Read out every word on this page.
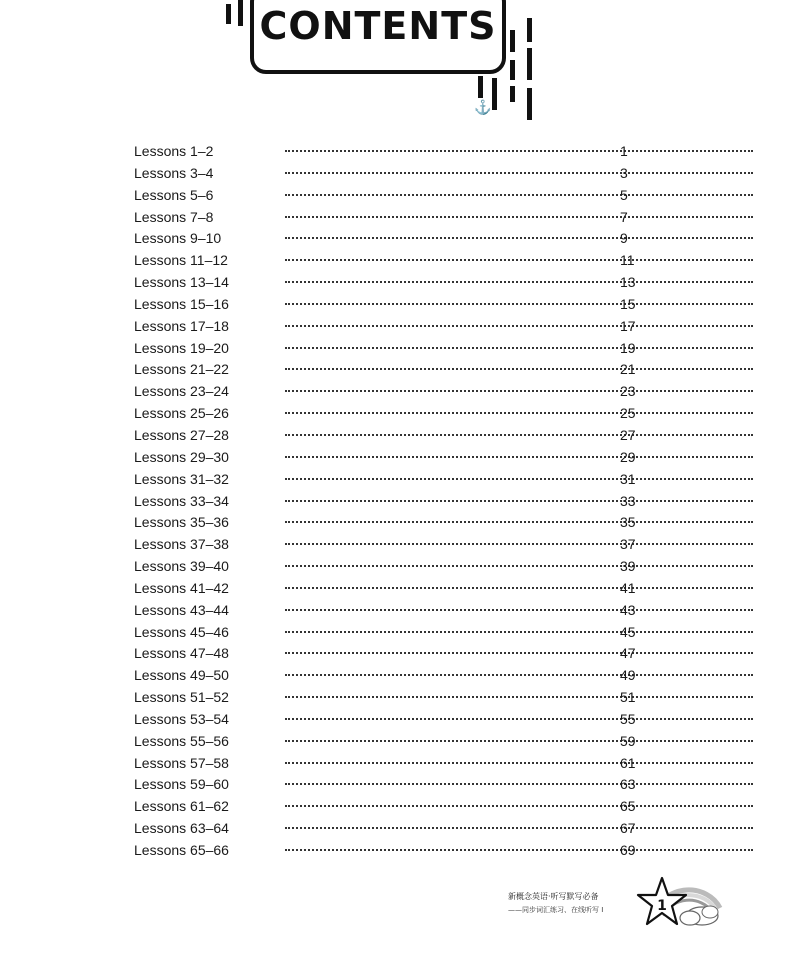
CONTENTS
⚓
Lessons 1–2	1
Lessons 3–4	3
Lessons 5–6	5
Lessons 7–8	7
Lessons 9–10	9
Lessons 11–12	11
Lessons 13–14	13
Lessons 15–16	15
Lessons 17–18	17
Lessons 19–20	19
Lessons 21–22	21
Lessons 23–24	23
Lessons 25–26	25
Lessons 27–28	27
Lessons 29–30	29
Lessons 31–32	31
Lessons 33–34	33
Lessons 35–36	35
Lessons 37–38	37
Lessons 39–40	39
Lessons 41–42	41
Lessons 43–44	43
Lessons 45–46	45
Lessons 47–48	47
Lessons 49–50	49
Lessons 51–52	51
Lessons 53–54	55
Lessons 55–56	59
Lessons 57–58	61
Lessons 59–60	63
Lessons 61–62	65
Lessons 63–64	67
Lessons 65–66	69
新概念英语·听写默写必备
——同步词汇练习、在线听写 I	1
